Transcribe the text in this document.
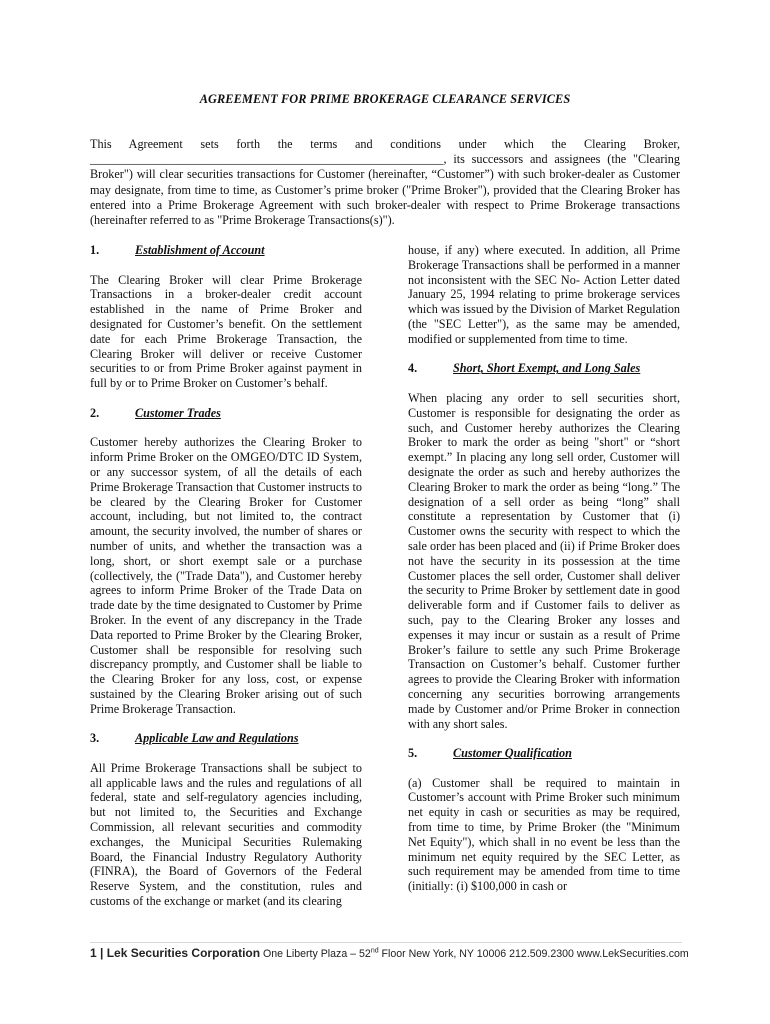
AGREEMENT FOR PRIME BROKERAGE CLEARANCE SERVICES

This Agreement sets forth the terms and conditions under which the Clearing Broker, __________________________________________________________, its successors and assignees (the "Clearing Broker") will clear securities transactions for Customer (hereinafter, “Customer”) with such broker-dealer as Customer may designate, from time to time, as Customer’s prime broker ("Prime Broker"), provided that the Clearing Broker has entered into a Prime Brokerage Agreement with such broker-dealer with respect to Prime Brokerage transactions (hereinafter referred to as "Prime Brokerage Transactions(s)").

1.	Establishment of Account

The Clearing Broker will clear Prime Brokerage Transactions in a broker-dealer credit account established in the name of Prime Broker and designated for Customer’s benefit. On the settlement date for each Prime Brokerage Transaction, the Clearing Broker will deliver or receive Customer securities to or from Prime Broker against payment in full by or to Prime Broker on Customer’s behalf.

2.	Customer Trades

Customer hereby authorizes the Clearing Broker to inform Prime Broker on the OMGEO/DTC ID System, or any successor system, of all the details of each Prime Brokerage Transaction that Customer instructs to be cleared by the Clearing Broker for Customer account, including, but not limited to, the contract amount, the security involved, the number of shares or number of units, and whether the transaction was a long, short, or short exempt sale or a purchase (collectively, the ("Trade Data"), and Customer hereby agrees to inform Prime Broker of the Trade Data on trade date by the time designated to Customer by Prime Broker. In the event of any discrepancy in the Trade Data reported to Prime Broker by the Clearing Broker, Customer shall be responsible for resolving such discrepancy promptly, and Customer shall be liable to the Clearing Broker for any loss, cost, or expense sustained by the Clearing Broker arising out of such Prime Brokerage Transaction.

3.	Applicable Law and Regulations

All Prime Brokerage Transactions shall be subject to all applicable laws and the rules and regulations of all federal, state and self-regulatory agencies including, but not limited to, the Securities and Exchange Commission, all relevant securities and commodity exchanges, the Municipal Securities Rulemaking Board, the Financial Industry Regulatory Authority (FINRA), the Board of Governors of the Federal Reserve System, and the constitution, rules and customs of the exchange or market (and its clearing

house, if any) where executed. In addition, all Prime Brokerage Transactions shall be performed in a manner not inconsistent with the SEC No- Action Letter dated January 25, 1994 relating to prime brokerage services which was issued by the Division of Market Regulation (the "SEC Letter"), as the same may be amended, modified or supplemented from time to time.

4.	Short, Short Exempt, and Long Sales

When placing any order to sell securities short, Customer is responsible for designating the order as such, and Customer hereby authorizes the Clearing Broker to mark the order as being "short" or “short exempt.” In placing any long sell order, Customer will designate the order as such and hereby authorizes the Clearing Broker to mark the order as being “long.” The designation of a sell order as being “long” shall constitute a representation by Customer that (i) Customer owns the security with respect to which the sale order has been placed and (ii) if Prime Broker does not have the security in its possession at the time Customer places the sell order, Customer shall deliver the security to Prime Broker by settlement date in good deliverable form and if Customer fails to deliver as such, pay to the Clearing Broker any losses and expenses it may incur or sustain as a result of Prime Broker’s failure to settle any such Prime Brokerage Transaction on Customer’s behalf. Customer further agrees to provide the Clearing Broker with information concerning any securities borrowing arrangements made by Customer and/or Prime Broker in connection with any short sales.

5.	Customer Qualification

(a) Customer shall be required to maintain in Customer’s account with Prime Broker such minimum net equity in cash or securities as may be required, from time to time, by Prime Broker (the "Minimum Net Equity"), which shall in no event be less than the minimum net equity required by the SEC Letter, as such requirement may be amended from time to time (initially: (i) $100,000 in cash or

1 | Lek Securities Corporation One Liberty Plaza – 52nd Floor New York, NY 10006 212.509.2300 www.LekSecurities.com
